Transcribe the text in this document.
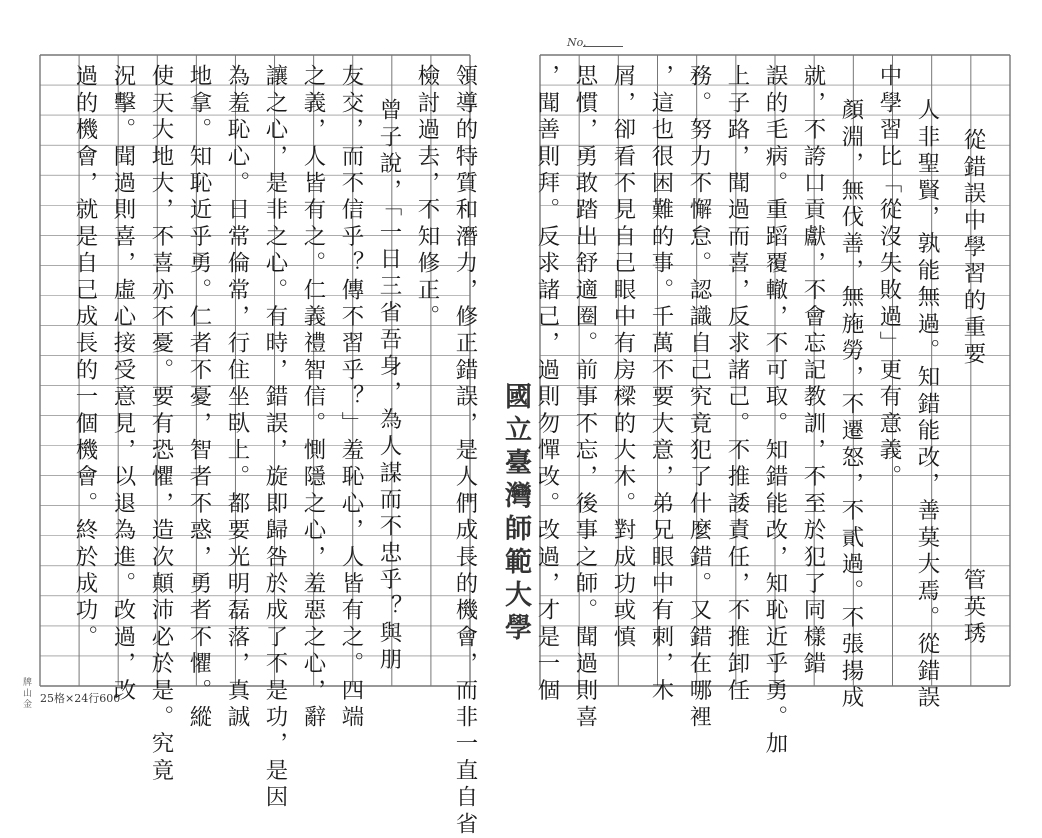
No.
國立臺灣師範大學
25格×24行600
金
山
牌
從錯誤中學習的重要
管英琇
人非聖賢，孰能無過。知錯能改，善莫大焉。從錯誤
中學習比「從沒失敗過」更有意義。
顏淵，無伐善，無施勞，不遷怒，不貳過。不張揚成
就，不誇口貢獻，不會忘記教訓，不至於犯了同樣錯
誤的毛病。重蹈覆轍，不可取。知錯能改，知恥近乎勇。加
上子路，聞過而喜，反求諸己。不推諉責任，不推卸任
務。努力不懈怠。認識自己究竟犯了什麼錯。又錯在哪裡
，這也很困難的事。千萬不要大意，弟兄眼中有刺，木
屑，卻看不見自己眼中有房樑的大木。對成功或慎
思慣，勇敢踏出舒適圈。前事不忘，後事之師。聞過則喜
，聞善則拜。反求諸己，過則勿憚改。改過，才是一個
領導的特質和潛力，修正錯誤，是人們成長的機會，而非一直自省
檢討過去，不知修正。
曾子說，「一日三省吾身，為人謀而不忠乎？與朋
友交，而不信乎？傳不習乎？」羞恥心，人皆有之。四端
之義，人皆有之。仁義禮智信。惻隱之心，羞惡之心，辭
讓之心，是非之心。有時，錯誤，旋即歸咎於成了不是功，是因
為羞恥心。日常倫常，行住坐臥上。都要光明磊落，真誠
地拿。知恥近乎勇。仁者不憂，智者不惑，勇者不懼。縱
使天大地大，不喜亦不憂。要有恐懼，造次顛沛必於是。究竟
況擊。聞過則喜，虛心接受意見，以退為進。改過，改
過的機會，就是自己成長的一個機會。終於成功。
